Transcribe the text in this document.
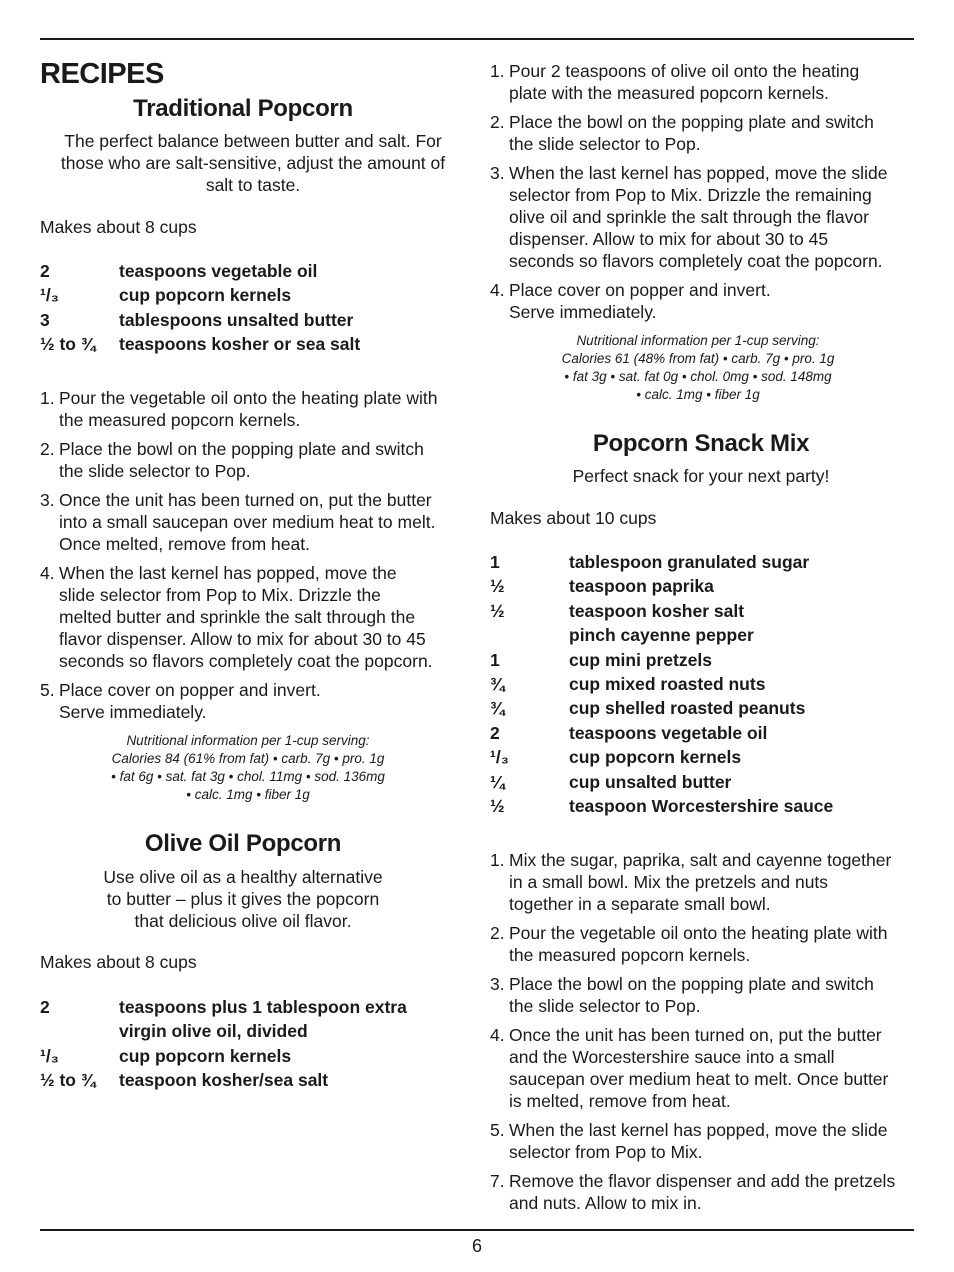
RECIPES
Traditional Popcorn
The perfect balance between butter and salt. For
those who are salt-sensitive, adjust the amount of
salt to taste.

Makes about 8 cups

2	teaspoons vegetable oil
¹/₃	cup popcorn kernels
3	tablespoons unsalted butter
½ to ¾	teaspoons kosher or sea salt
1. Pour the vegetable oil onto the heating plate with
the measured popcorn kernels.
2. Place the bowl on the popping plate and switch
the slide selector to Pop.
3. Once the unit has been turned on, put the butter
into a small saucepan over medium heat to melt.
Once melted, remove from heat.
4. When the last kernel has popped, move the
slide selector from Pop to Mix. Drizzle the
melted butter and sprinkle the salt through the
flavor dispenser. Allow to mix for about 30 to 45
seconds so flavors completely coat the popcorn.
5. Place cover on popper and invert.
Serve immediately.
Nutritional information per 1-cup serving:
Calories 84 (61% from fat) • carb. 7g • pro. 1g
• fat 6g • sat. fat 3g • chol. 11mg • sod. 136mg
• calc. 1mg • fiber 1g
Olive Oil Popcorn
Use olive oil as a healthy alternative
to butter – plus it gives the popcorn
that delicious olive oil flavor.

Makes about 8 cups

2	teaspoons plus 1 tablespoon extra
virgin olive oil, divided
¹/₃	cup popcorn kernels
½ to ¾	teaspoon kosher/sea salt
1. Pour 2 teaspoons of olive oil onto the heating
plate with the measured popcorn kernels.
2. Place the bowl on the popping plate and switch
the slide selector to Pop.
3. When the last kernel has popped, move the slide
selector from Pop to Mix. Drizzle the remaining
olive oil and sprinkle the salt through the flavor
dispenser. Allow to mix for about 30 to 45
seconds so flavors completely coat the popcorn.
4. Place cover on popper and invert.
Serve immediately.
Nutritional information per 1-cup serving:
Calories 61 (48% from fat) • carb. 7g • pro. 1g
• fat 3g • sat. fat 0g • chol. 0mg • sod. 148mg
• calc. 1mg • fiber 1g
Popcorn Snack Mix
Perfect snack for your next party!

Makes about 10 cups

1	tablespoon granulated sugar
½	teaspoon paprika
½	teaspoon kosher salt
pinch cayenne pepper
1	cup mini pretzels
¾	cup mixed roasted nuts
¾	cup shelled roasted peanuts
2	teaspoons vegetable oil
¹/₃	cup popcorn kernels
¼	cup unsalted butter
½	teaspoon Worcestershire sauce
1. Mix the sugar, paprika, salt and cayenne together
in a small bowl. Mix the pretzels and nuts
together in a separate small bowl.
2. Pour the vegetable oil onto the heating plate with
the measured popcorn kernels.
3. Place the bowl on the popping plate and switch
the slide selector to Pop.
4. Once the unit has been turned on, put the butter
and the Worcestershire sauce into a small
saucepan over medium heat to melt. Once butter
is melted, remove from heat.
5. When the last kernel has popped, move the slide
selector from Pop to Mix.
7. Remove the flavor dispenser and add the pretzels
and nuts. Allow to mix in.
6
